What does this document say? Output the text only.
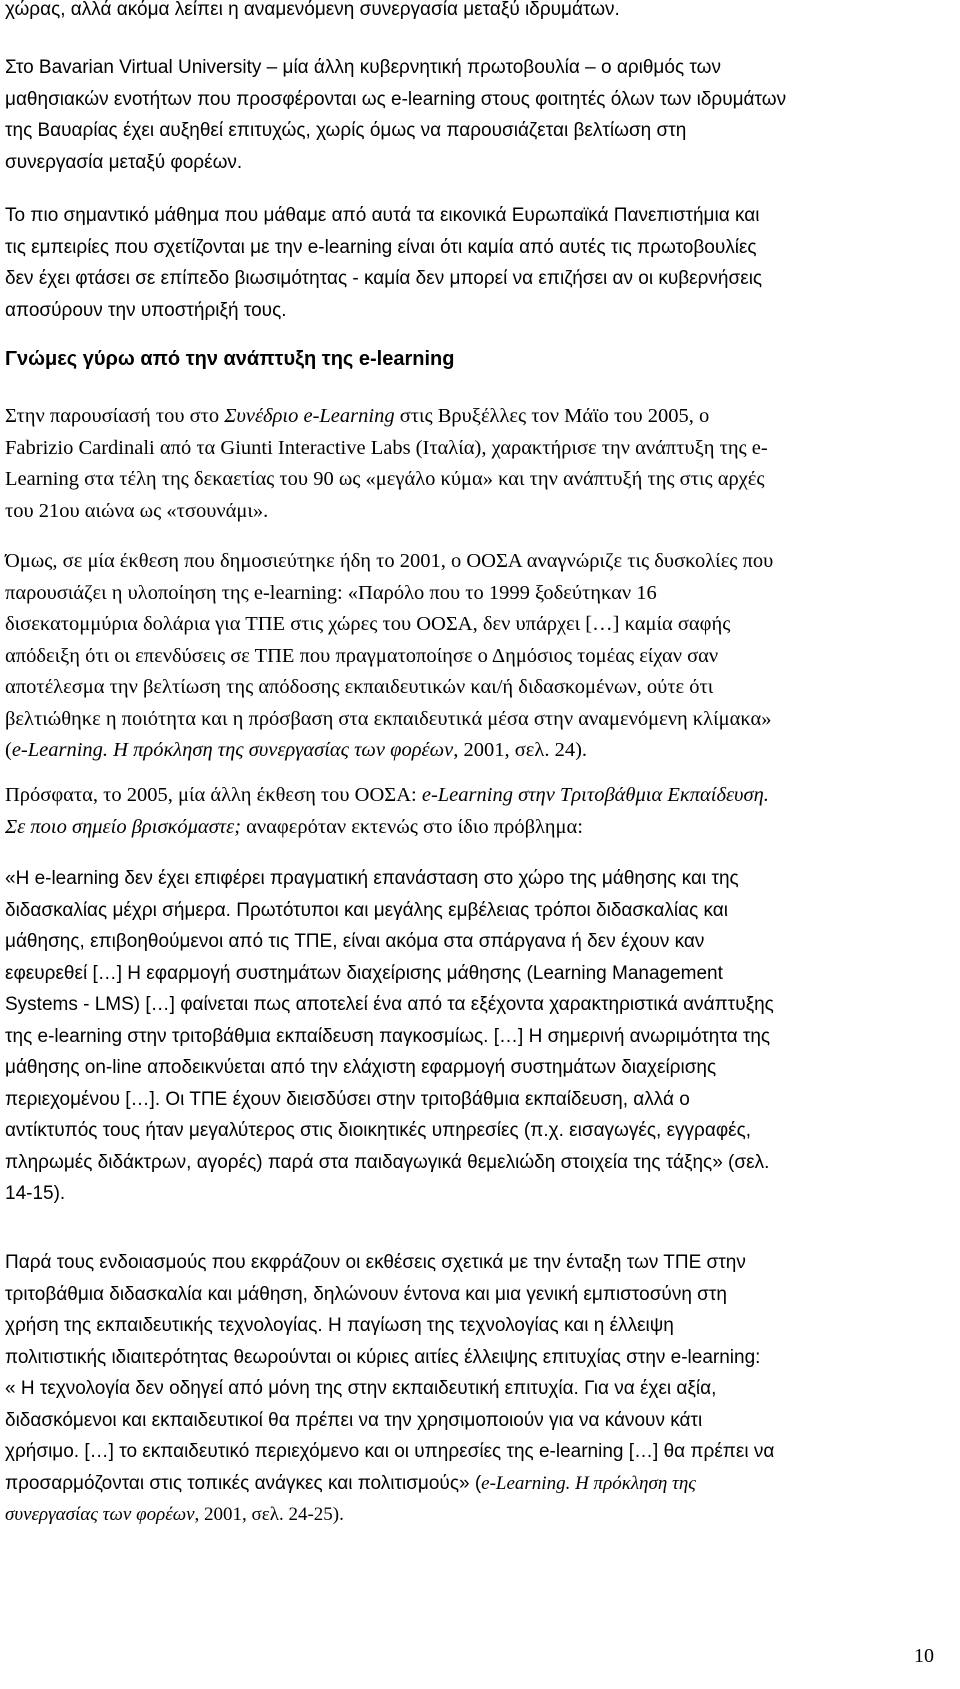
χώρας, αλλά ακόμα λείπει η αναμενόμενη συνεργασία μεταξύ ιδρυμάτων.

Στο Bavarian Virtual University – μία άλλη κυβερνητική πρωτοβουλία – ο αριθμός των
μαθησιακών ενοτήτων που προσφέρονται ως e-learning στους φοιτητές όλων των ιδρυμάτων
της Βαυαρίας έχει αυξηθεί επιτυχώς, χωρίς όμως να παρουσιάζεται βελτίωση στη
συνεργασία μεταξύ φορέων.

Το πιο σημαντικό μάθημα που μάθαμε από αυτά τα εικονικά Ευρωπαϊκά Πανεπιστήμια και
τις εμπειρίες που σχετίζονται με την e-learning είναι ότι καμία από αυτές τις πρωτοβουλίες
δεν έχει φτάσει σε επίπεδο βιωσιμότητας - καμία δεν μπορεί να επιζήσει αν οι κυβερνήσεις
αποσύρουν την υποστήριξή τους.

Γνώμες γύρω από την ανάπτυξη της e-learning

Στην παρουσίασή του στο Συνέδριο e-Learning στις Βρυξέλλες τον Μάϊο του 2005, ο
Fabrizio Cardinali από τα Giunti Interactive Labs (Ιταλία), χαρακτήρισε την ανάπτυξη της e-
Learning στα τέλη της δεκαετίας του 90 ως «μεγάλο κύμα» και την ανάπτυξή της στις αρχές
του 21ου αιώνα ως «τσουνάμι».

Όμως, σε μία έκθεση που δημοσιεύτηκε ήδη το 2001, ο ΟΟΣΑ αναγνώριζε τις δυσκολίες που
παρουσιάζει η υλοποίηση της e-learning: «Παρόλο που το 1999 ξοδεύτηκαν 16
δισεκατομμύρια δολάρια για ΤΠΕ στις χώρες του ΟΟΣΑ, δεν υπάρχει […] καμία σαφής
απόδειξη ότι οι επενδύσεις σε ΤΠΕ που πραγματοποίησε ο Δημόσιος τομέας είχαν σαν
αποτέλεσμα την βελτίωση της απόδοσης εκπαιδευτικών και/ή διδασκομένων, ούτε ότι
βελτιώθηκε η ποιότητα και η πρόσβαση στα εκπαιδευτικά μέσα στην αναμενόμενη κλίμακα»
(e-Learning. Η πρόκληση της συνεργασίας των φορέων, 2001, σελ. 24).

Πρόσφατα, το 2005, μία άλλη έκθεση του ΟΟΣΑ: e-Learning στην Τριτοβάθμια Εκπαίδευση.
Σε ποιο σημείο βρισκόμαστε; αναφερόταν εκτενώς στο ίδιο πρόβλημα:

«Η e-learning δεν έχει επιφέρει πραγματική επανάσταση στο χώρο της μάθησης και της
διδασκαλίας μέχρι σήμερα. Πρωτότυποι και μεγάλης εμβέλειας τρόποι διδασκαλίας και
μάθησης, επιβοηθούμενοι από τις ΤΠΕ, είναι ακόμα στα σπάργανα ή δεν έχουν καν
εφευρεθεί […] Η εφαρμογή συστημάτων διαχείρισης μάθησης (Learning Management
Systems - LMS) […] φαίνεται πως αποτελεί ένα από τα εξέχοντα χαρακτηριστικά ανάπτυξης
της e-learning στην τριτοβάθμια εκπαίδευση παγκοσμίως. […] Η σημερινή ανωριμότητα της
μάθησης on-line αποδεικνύεται από την ελάχιστη εφαρμογή συστημάτων διαχείρισης
περιεχομένου […]. Οι ΤΠΕ έχουν διεισδύσει στην τριτοβάθμια εκπαίδευση, αλλά ο
αντίκτυπός τους ήταν μεγαλύτερος στις διοικητικές υπηρεσίες (π.χ. εισαγωγές, εγγραφές,
πληρωμές διδάκτρων, αγορές) παρά στα παιδαγωγικά θεμελιώδη στοιχεία της τάξης» (σελ.
14-15).

Παρά τους ενδοιασμούς που εκφράζουν οι εκθέσεις σχετικά με την ένταξη των ΤΠΕ στην
τριτοβάθμια διδασκαλία και μάθηση, δηλώνουν έντονα και μια γενική εμπιστοσύνη στη
χρήση της εκπαιδευτικής τεχνολογίας. Η παγίωση της τεχνολογίας και η έλλειψη
πολιτιστικής ιδιαιτερότητας θεωρούνται οι κύριες αιτίες έλλειψης επιτυχίας στην e-learning:
« Η τεχνολογία δεν οδηγεί από μόνη της στην εκπαιδευτική επιτυχία. Για να έχει αξία,
διδασκόμενοι και εκπαιδευτικοί θα πρέπει να την χρησιμοποιούν για να κάνουν κάτι
χρήσιμο. […] το εκπαιδευτικό περιεχόμενο και οι υπηρεσίες της e-learning […] θα πρέπει να
προσαρμόζονται στις τοπικές ανάγκες και πολιτισμούς» (e-Learning. Η πρόκληση της
συνεργασίας των φορέων, 2001, σελ. 24-25).

10
